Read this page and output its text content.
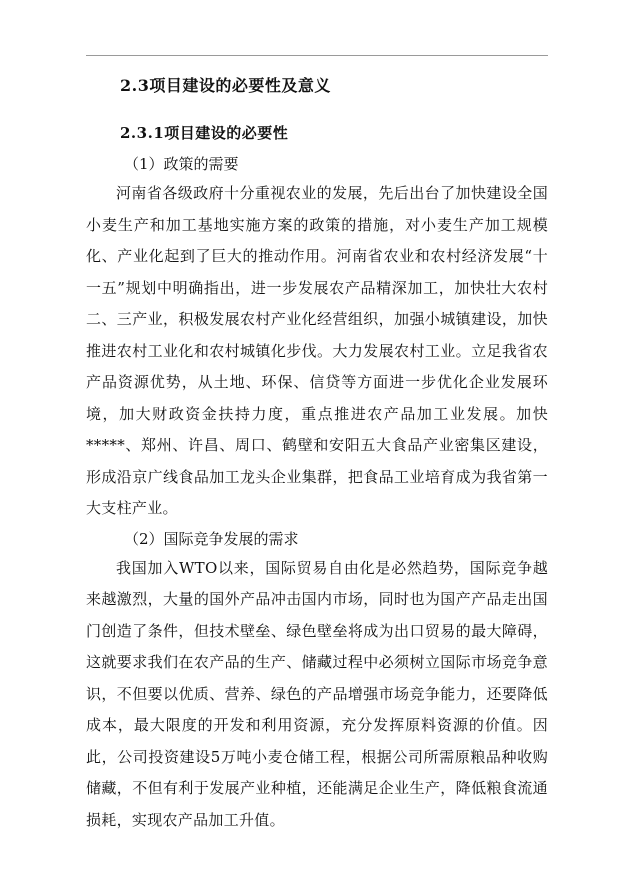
2.3项目建设的必要性及意义
2.3.1项目建设的必要性
（1）政策的需要

河南省各级政府十分重视农业的发展，先后出台了加快建设全国小麦生产和加工基地实施方案的政策的措施，对小麦生产加工规模化、产业化起到了巨大的推动作用。河南省农业和农村经济发展“十一五”规划中明确指出，进一步发展农产品精深加工，加快壮大农村二、三产业，积极发展农村产业化经营组织，加强小城镇建设，加快推进农村工业化和农村城镇化步伐。大力发展农村工业。立足我省农产品资源优势，从土地、环保、信贷等方面进一步优化企业发展环境，加大财政资金扶持力度，重点推进农产品加工业发展。加快*****、郑州、许昌、周口、鹤壁和安阳五大食品产业密集区建设，形成沿京广线食品加工龙头企业集群，把食品工业培育成为我省第一大支柱产业。

（2）国际竞争发展的需求

我国加入WTO以来，国际贸易自由化是必然趋势，国际竞争越来越激烈，大量的国外产品冲击国内市场，同时也为国产产品走出国门创造了条件，但技术壁垒、绿色壁垒将成为出口贸易的最大障碍，这就要求我们在农产品的生产、储藏过程中必须树立国际市场竞争意识，不但要以优质、营养、绿色的产品增强市场竞争能力，还要降低成本，最大限度的开发和利用资源，充分发挥原料资源的价值。因此，公司投资建设5万吨小麦仓储工程，根据公司所需原粮品种收购储藏，不但有利于发展产业种植，还能满足企业生产，降低粮食流通损耗，实现农产品加工升值。
